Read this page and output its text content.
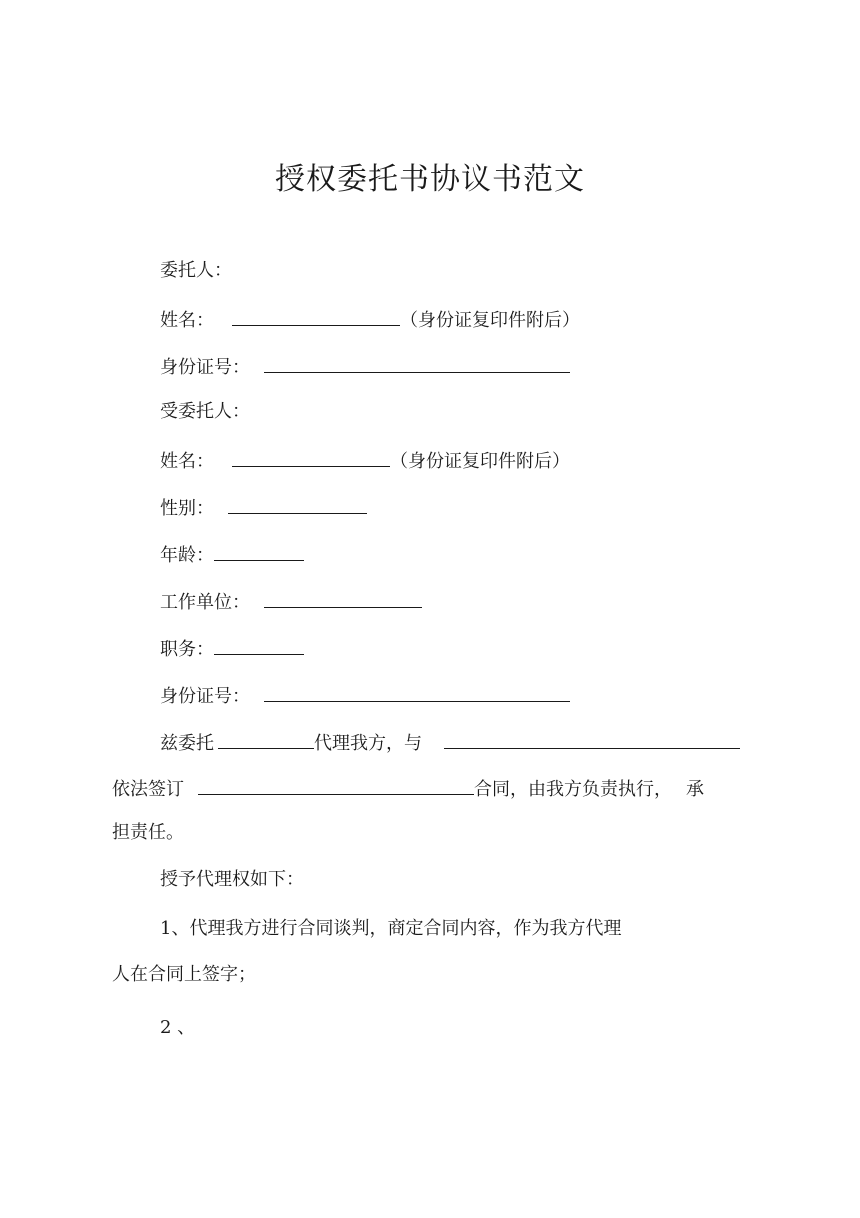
授权委托书协议书范文
委托人：
姓名：	（身份证复印件附后）
身份证号：
受委托人：
姓名：	（身份证复印件附后）
性别：
年龄：
工作单位：
职务：
身份证号：
兹委托	代理我方，与
依法签订	合同，由我方负责执行， 承
担责任。
授予代理权如下：
1、代理我方进行合同谈判，商定合同内容，作为我方代理
人在合同上签字；
2 、
